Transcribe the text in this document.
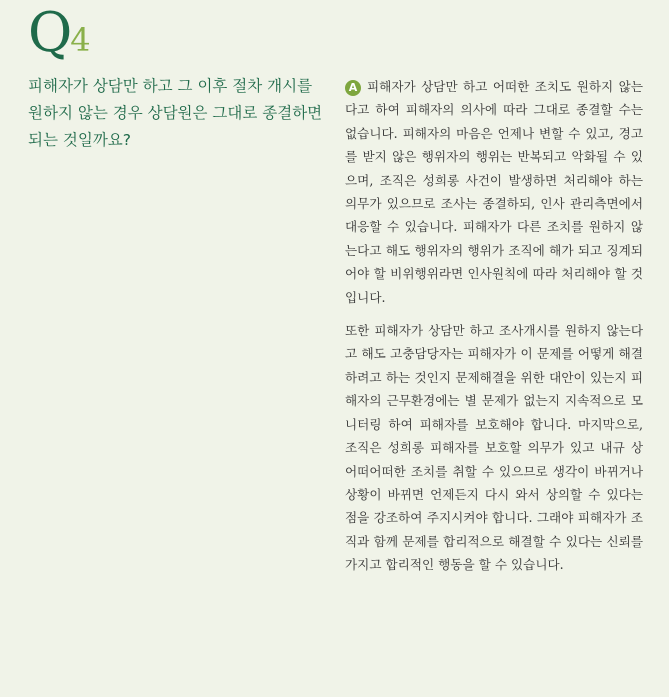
Q 4

피해자가 상담만 하고 그 이후 절차 개시를 원하지 않는 경우 상담원은 그대로 종결하면 되는 것일까요?

A 피해자가 상담만 하고 어떠한 조치도 원하지 않는다고 하여 피해자의 의사에 따라 그대로 종결할 수는 없습니다. 피해자의 마음은 언제나 변할 수 있고, 경고를 받지 않은 행위자의 행위는 반복되고 악화될 수 있으며, 조직은 성희롱 사건이 발생하면 처리해야 하는 의무가 있으므로 조사는 종결하되, 인사 관리측면에서 대응할 수 있습니다. 피해자가 다른 조치를 원하지 않는다고 해도 행위자의 행위가 조직에 해가 되고 징계되어야 할 비위행위라면 인사원칙에 따라 처리해야 할 것입니다.

또한 피해자가 상담만 하고 조사개시를 원하지 않는다고 해도 고충담당자는 피해자가 이 문제를 어떻게 해결하려고 하는 것인지 문제해결을 위한 대안이 있는지 피해자의 근무환경에는 별 문제가 없는지 지속적으로 모니터링 하여 피해자를 보호해야 합니다. 마지막으로, 조직은 성희롱 피해자를 보호할 의무가 있고 내규 상 어떠어떠한 조치를 취할 수 있으므로 생각이 바뀌거나 상황이 바뀌면 언제든지 다시 와서 상의할 수 있다는 점을 강조하여 주지시켜야 합니다. 그래야 피해자가 조직과 함께 문제를 합리적으로 해결할 수 있다는 신뢰를 가지고 합리적인 행동을 할 수 있습니다.
